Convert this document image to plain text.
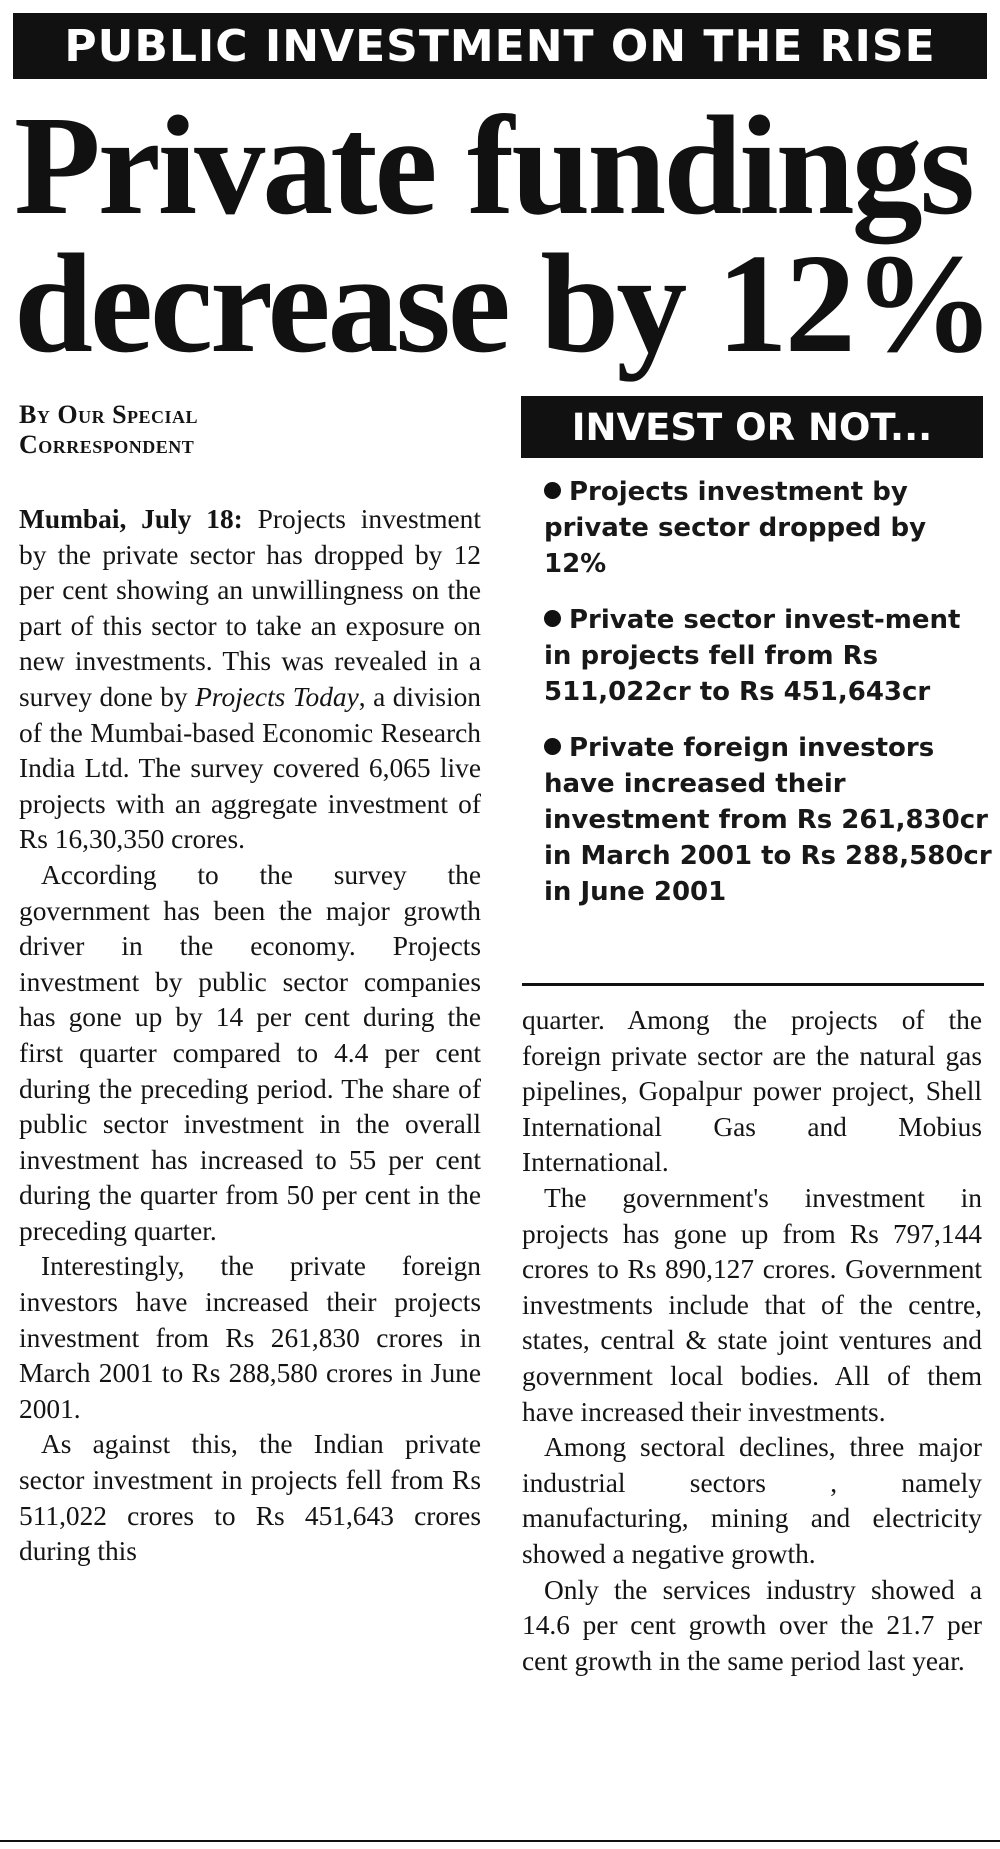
PUBLIC INVESTMENT ON THE RISE
Private fundings
decrease by 12%
By Our Special
Correspondent

Mumbai, July 18: Projects investment by the private sector has dropped by 12 per cent showing an unwillingness on the part of this sector to take an exposure on new investments. This was revealed in a survey done by Projects Today, a division of the Mumbai-based Economic Research India Ltd. The survey covered 6,065 live projects with an aggregate investment of Rs 16,30,350 crores.

According to the survey the government has been the major growth driver in the economy. Projects investment by public sector companies has gone up by 14 per cent during the first quarter compared to 4.4 per cent during the preceding period. The share of public sector investment in the overall investment has increased to 55 per cent during the quarter from 50 per cent in the preceding quarter.

Interestingly, the private foreign investors have increased their projects investment from Rs 261,830 crores in March 2001 to Rs 288,580 crores in June 2001.

As against this, the Indian private sector investment in projects fell from Rs 511,022 crores to Rs 451,643 crores during this

INVEST OR NOT...
Projects investment by private sector dropped by 12%
Private sector invest-ment in projects fell from Rs 511,022cr to Rs 451,643cr
Private foreign investors have increased their investment from Rs 261,830cr in March 2001 to Rs 288,580cr in June 2001

quarter. Among the projects of the foreign private sector are the natural gas pipelines, Gopalpur power project, Shell International Gas and Mobius International.

The government's investment in projects has gone up from Rs 797,144 crores to Rs 890,127 crores. Government investments include that of the centre, states, central & state joint ventures and government local bodies. All of them have increased their investments.

Among sectoral declines, three major industrial sectors , namely manufacturing, mining and electricity showed a negative growth.

Only the services industry showed a 14.6 per cent growth over the 21.7 per cent growth in the same period last year.
